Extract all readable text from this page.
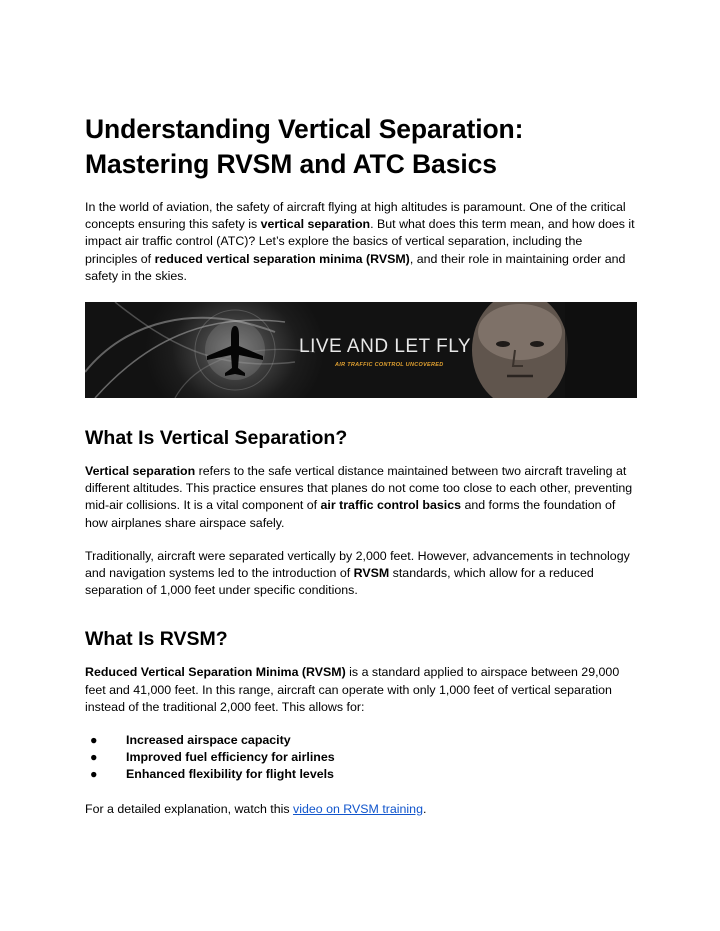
Understanding Vertical Separation:
Mastering RVSM and ATC Basics

In the world of aviation, the safety of aircraft flying at high altitudes is paramount. One of the critical concepts ensuring this safety is vertical separation. But what does this term mean, and how does it impact air traffic control (ATC)? Let’s explore the basics of vertical separation, including the principles of reduced vertical separation minima (RVSM), and their role in maintaining order and safety in the skies.

LIVE AND LET FLY
AIR TRAFFIC CONTROL UNCOVERED
What Is Vertical Separation?

Vertical separation refers to the safe vertical distance maintained between two aircraft traveling at different altitudes. This practice ensures that planes do not come too close to each other, preventing mid-air collisions. It is a vital component of air traffic control basics and forms the foundation of how airplanes share airspace safely.

Traditionally, aircraft were separated vertically by 2,000 feet. However, advancements in technology and navigation systems led to the introduction of RVSM standards, which allow for a reduced separation of 1,000 feet under specific conditions.

What Is RVSM?

Reduced Vertical Separation Minima (RVSM) is a standard applied to airspace between 29,000 feet and 41,000 feet. In this range, aircraft can operate with only 1,000 feet of vertical separation instead of the traditional 2,000 feet. This allows for:

● Increased airspace capacity
● Improved fuel efficiency for airlines
● Enhanced flexibility for flight levels

For a detailed explanation, watch this video on RVSM training.
